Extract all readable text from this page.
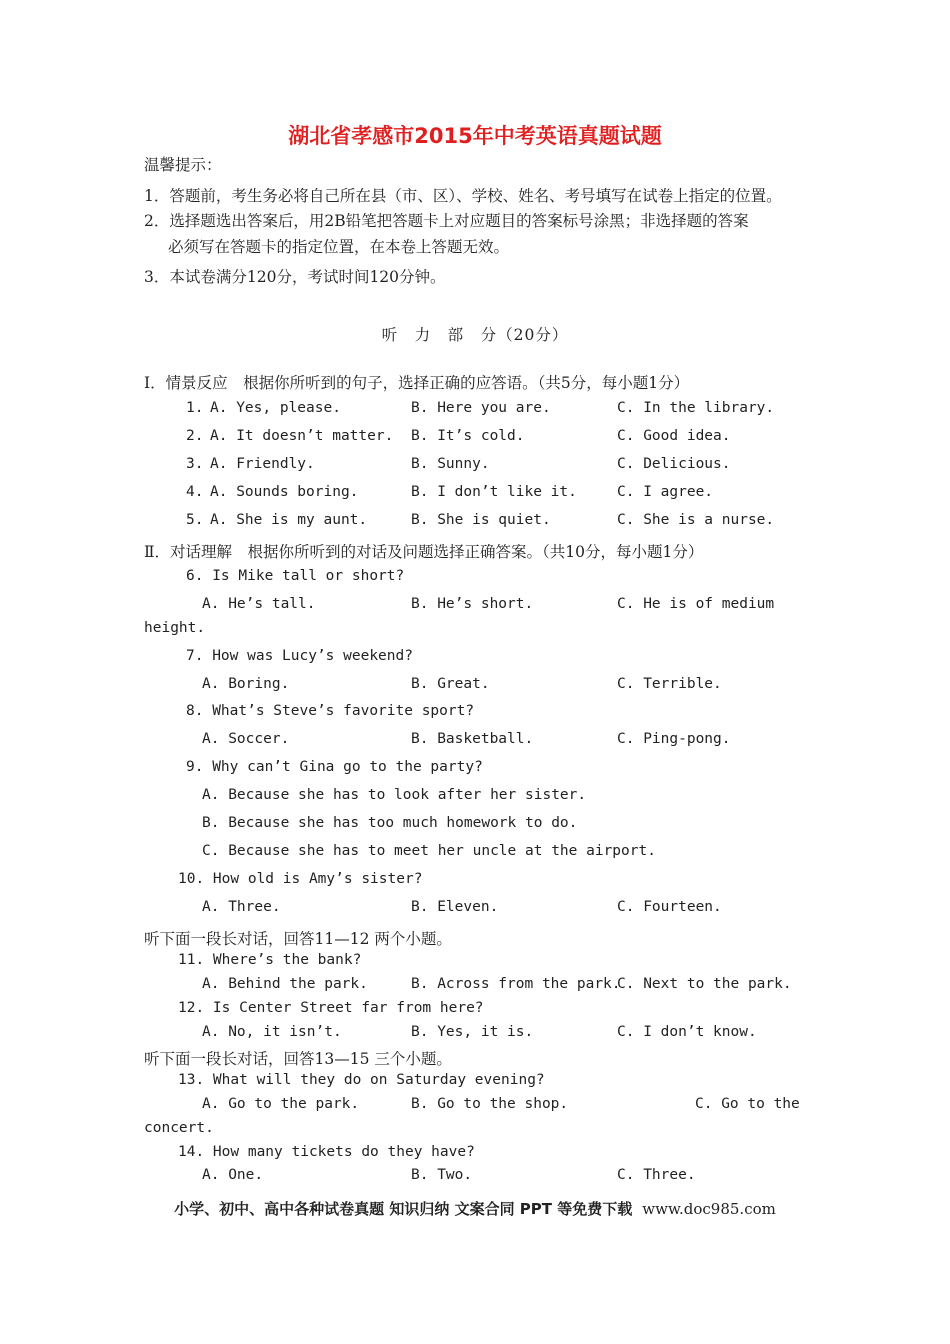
湖北省孝感市2015年中考英语真题试题
温馨提示：
1．答题前，考生务必将自己所在县（市、区）、学校、姓名、考号填写在试卷上指定的位置。
2．选择题选出答案后，用2B铅笔把答题卡上对应题目的答案标号涂黑；非选择题的答案
必须写在答题卡的指定位置，在本卷上答题无效。
3．本试卷满分120分，考试时间120分钟。
听　力　部　分（20分）
I．情景反应　根据你所听到的句子，选择正确的应答语。（共5分，每小题1分）
1. A. Yes, please.	B. Here you are.	C. In the library.
2. A. It doesn’t matter. B. It’s cold.	C. Good idea.
3. A. Friendly.	B. Sunny.	C. Delicious.
4. A. Sounds boring.	B. I don’t like it.	C. I agree.
5. A. She is my aunt.	B. She is quiet.	C. She is a nurse.
Ⅱ．对话理解　根据你所听到的对话及问题选择正确答案。（共10分，每小题1分）
6. Is Mike tall or short?
A. He’s tall.	B. He’s short.	C. He is of medium
height.
7. How was Lucy’s weekend?
A. Boring.	B. Great.	C. Terrible.
8. What’s Steve’s favorite sport?
A. Soccer.	B. Basketball.	C. Ping-pong.
9. Why can’t Gina go to the party?
A. Because she has to look after her sister.
B. Because she has too much homework to do.
C. Because she has to meet her uncle at the airport.
10. How old is Amy’s sister?
A. Three.	B. Eleven.	C. Fourteen.
听下面一段长对话，回答11—12 两个小题。
11. Where’s the bank?
A. Behind the park.	B. Across from the park.
C. Next to the park.
12. Is Center Street far from here?
A. No, it isn’t.	B. Yes, it is.	C. I don’t know.
听下面一段长对话，回答13—15 三个小题。
13. What will they do on Saturday evening?
A. Go to the park.	B. Go to the shop.	C. Go to the
concert.
14. How many tickets do they have?
A. One.	B. Two.	C. Three.
小学、初中、高中各种试卷真题 知识归纳 文案合同 PPT 等免费下载 www.doc985.com
